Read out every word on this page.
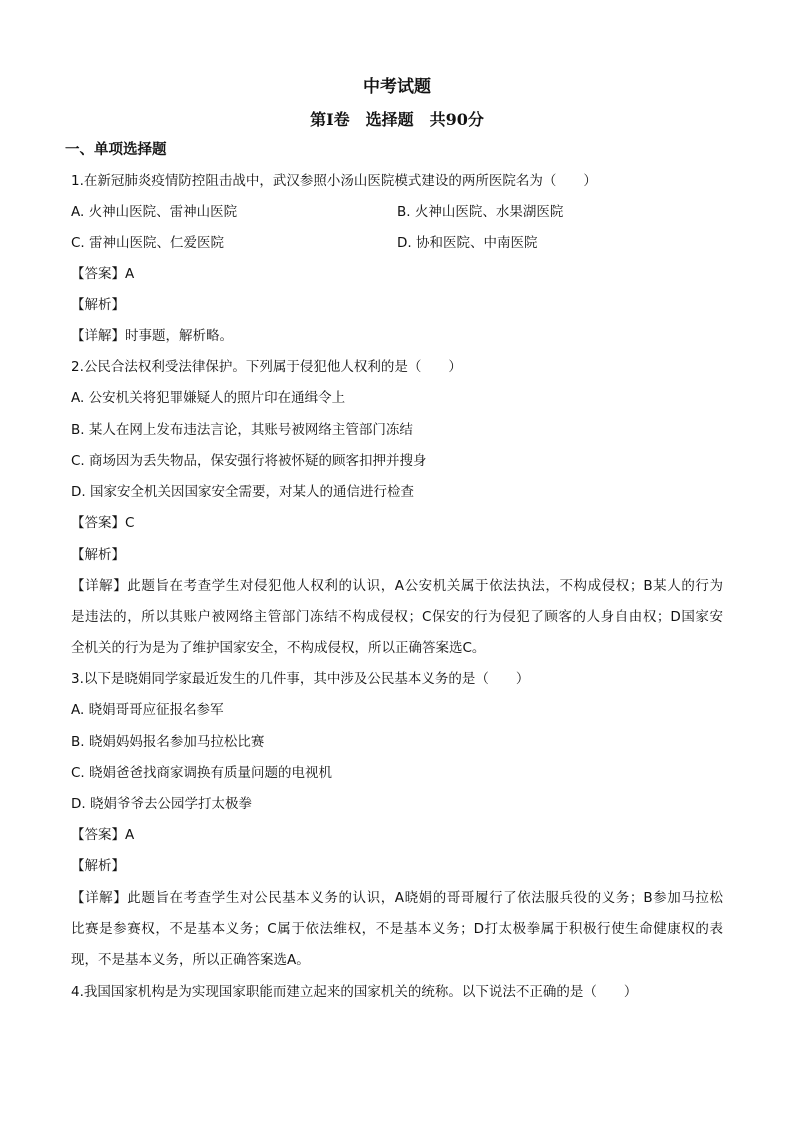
中考试题
第Ⅰ卷　选择题　共90分
一、单项选择题
1.在新冠肺炎疫情防控阻击战中，武汉参照小汤山医院模式建设的两所医院名为（　　）
A. 火神山医院、雷神山医院	B. 火神山医院、水果湖医院
C. 雷神山医院、仁爱医院	D. 协和医院、中南医院
【答案】A
【解析】
【详解】时事题，解析略。
2.公民合法权利受法律保护。下列属于侵犯他人权利的是（　　）
A. 公安机关将犯罪嫌疑人的照片印在通缉令上
B. 某人在网上发布违法言论，其账号被网络主管部门冻结
C. 商场因为丢失物品，保安强行将被怀疑的顾客扣押并搜身
D. 国家安全机关因国家安全需要，对某人的通信进行检查
【答案】C
【解析】
【详解】此题旨在考查学生对侵犯他人权利的认识，A公安机关属于依法执法，不构成侵权；B某人的行为
是违法的，所以其账户被网络主管部门冻结不构成侵权；C保安的行为侵犯了顾客的人身自由权；D国家安
全机关的行为是为了维护国家安全，不构成侵权，所以正确答案选C。
3.以下是晓娟同学家最近发生的几件事，其中涉及公民基本义务的是（　　）
A. 晓娟哥哥应征报名参军
B. 晓娟妈妈报名参加马拉松比赛
C. 晓娟爸爸找商家调换有质量问题的电视机
D. 晓娟爷爷去公园学打太极拳
【答案】A
【解析】
【详解】此题旨在考查学生对公民基本义务的认识，A晓娟的哥哥履行了依法服兵役的义务；B参加马拉松
比赛是参赛权，不是基本义务；C属于依法维权，不是基本义务；D打太极拳属于积极行使生命健康权的表
现，不是基本义务，所以正确答案选A。
4.我国国家机构是为实现国家职能而建立起来的国家机关的统称。以下说法不正确的是（　　）
